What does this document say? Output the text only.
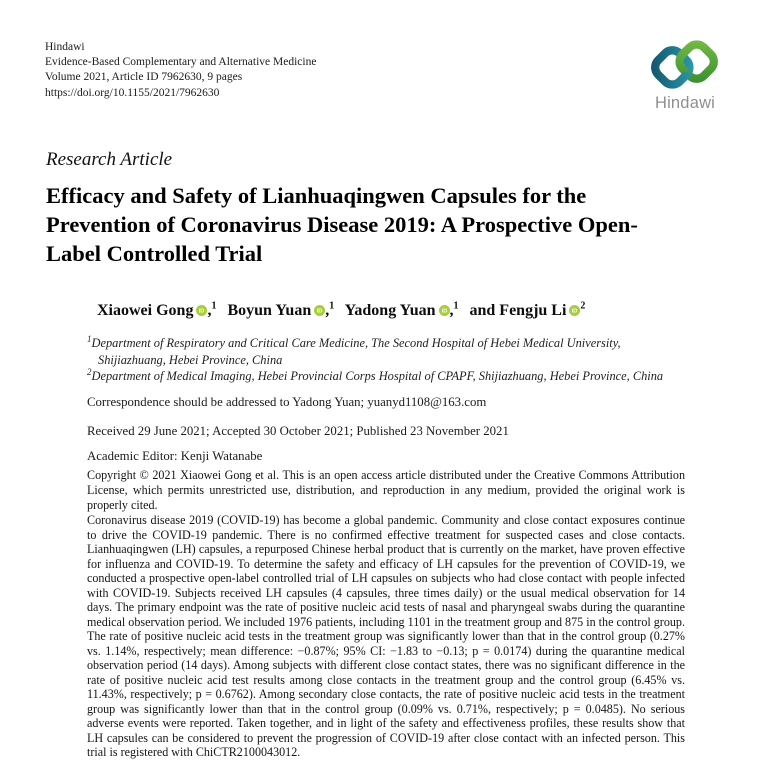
Hindawi
Evidence-Based Complementary and Alternative Medicine
Volume 2021, Article ID 7962630, 9 pages
https://doi.org/10.1155/2021/7962630
Hindawi
Research Article
Efficacy and Safety of Lianhuaqingwen Capsules for the Prevention of Coronavirus Disease 2019: A Prospective Open-Label Controlled Trial
Xiaowei Gong iD ,$^1$ Boyun Yuan iD ,$^1$ Yadong Yuan iD ,$^1$ and Fengju Li iD
$^2$
$^1$Department of Respiratory and Critical Care Medicine, The Second Hospital of Hebei Medical University, Shijiazhuang, Hebei Province, China
$^2$Department of Medical Imaging, Hebei Provincial Corps Hospital of CPAPF, Shijiazhuang, Hebei Province, China
Correspondence should be addressed to Yadong Yuan; yuanyd1108@163.com
Received 29 June 2021; Accepted 30 October 2021; Published 23 November 2021
Academic Editor: Kenji Watanabe

Copyright © 2021 Xiaowei Gong et al. This is an open access article distributed under the Creative Commons Attribution License, which permits unrestricted use, distribution, and reproduction in any medium, provided the original work is properly cited.

Coronavirus disease 2019 (COVID-19) has become a global pandemic. Community and close contact exposures continue to drive the COVID-19 pandemic. There is no confirmed effective treatment for suspected cases and close contacts. Lianhuaqingwen (LH) capsules, a repurposed Chinese herbal product that is currently on the market, have proven effective for influenza and COVID-19. To determine the safety and efficacy of LH capsules for the prevention of COVID-19, we conducted a prospective open-label controlled trial of LH capsules on subjects who had close contact with people infected with COVID-19. Subjects received LH capsules (4 capsules, three times daily) or the usual medical observation for 14 days. The primary endpoint was the rate of positive nucleic acid tests of nasal and pharyngeal swabs during the quarantine medical observation period. We included 1976 patients, including 1101 in the treatment group and 875 in the control group. The rate of positive nucleic acid tests in the treatment group was significantly lower than that in the control group (0.27% vs. 1.14%, respectively; mean difference: −0.87%; 95% CI: −1.83 to −0.13; p = 0.0174) during the quarantine medical observation period (14 days). Among subjects with different close contact states, there was no significant difference in the rate of positive nucleic acid test results among close contacts in the treatment group and the control group (6.45% vs. 11.43%, respectively; p = 0.6762). Among secondary close contacts, the rate of positive nucleic acid tests in the treatment group was significantly lower than that in the control group (0.09% vs. 0.71%, respectively; p = 0.0485). No serious adverse events were reported. Taken together, and in light of the safety and effectiveness profiles, these results show that LH capsules can be considered to prevent the progression of COVID-19 after close contact with an infected person. This trial is registered with ChiCTR2100043012.
